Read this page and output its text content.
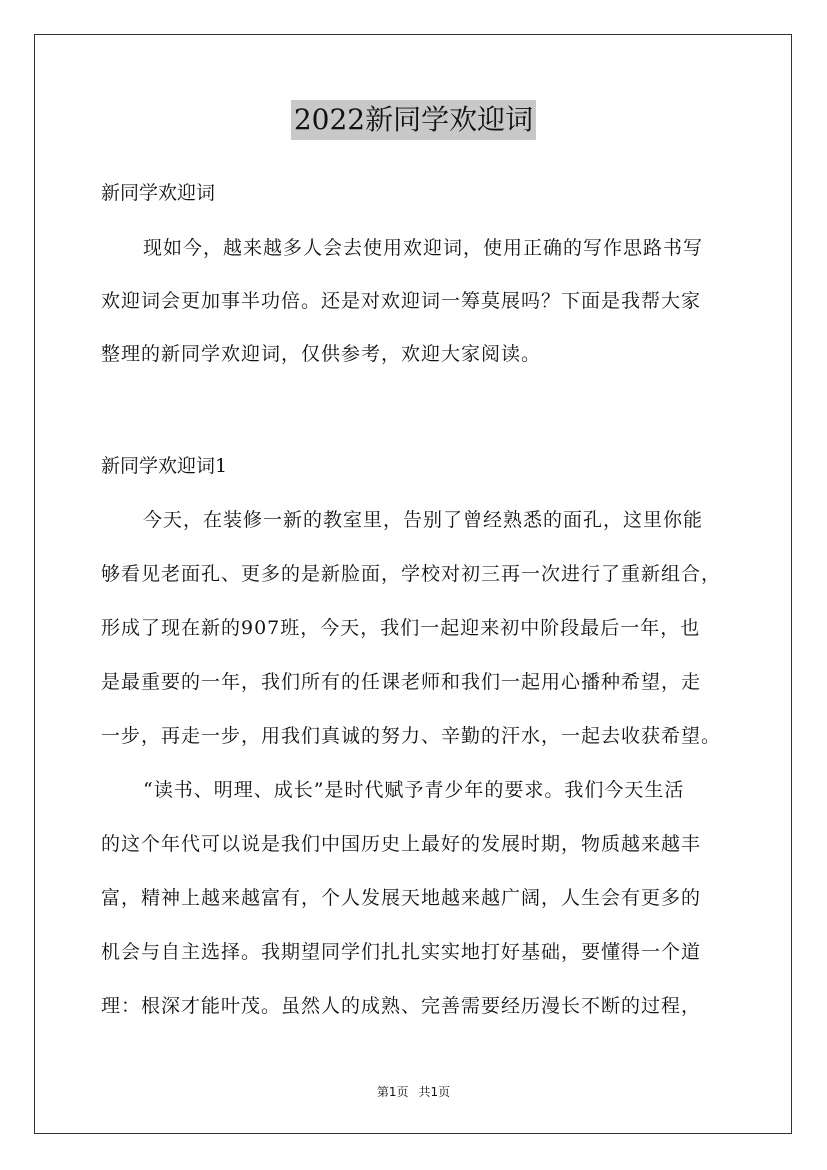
2022新同学欢迎词
新同学欢迎词
现如今，越来越多人会去使用欢迎词，使用正确的写作思路书写
欢迎词会更加事半功倍。还是对欢迎词一筹莫展吗？下面是我帮大家
整理的新同学欢迎词，仅供参考，欢迎大家阅读。
新同学欢迎词1
今天，在装修一新的教室里，告别了曾经熟悉的面孔，这里你能
够看见老面孔、更多的是新脸面，学校对初三再一次进行了重新组合，
形成了现在新的907班，今天，我们一起迎来初中阶段最后一年，也
是最重要的一年，我们所有的任课老师和我们一起用心播种希望，走
一步，再走一步，用我们真诚的努力、辛勤的汗水，一起去收获希望。
“读书、明理、成长”是时代赋予青少年的要求。我们今天生活
的这个年代可以说是我们中国历史上最好的发展时期，物质越来越丰
富，精神上越来越富有，个人发展天地越来越广阔，人生会有更多的
机会与自主选择。我期望同学们扎扎实实地打好基础，要懂得一个道
理：根深才能叶茂。虽然人的成熟、完善需要经历漫长不断的过程，
第1页 共1页
